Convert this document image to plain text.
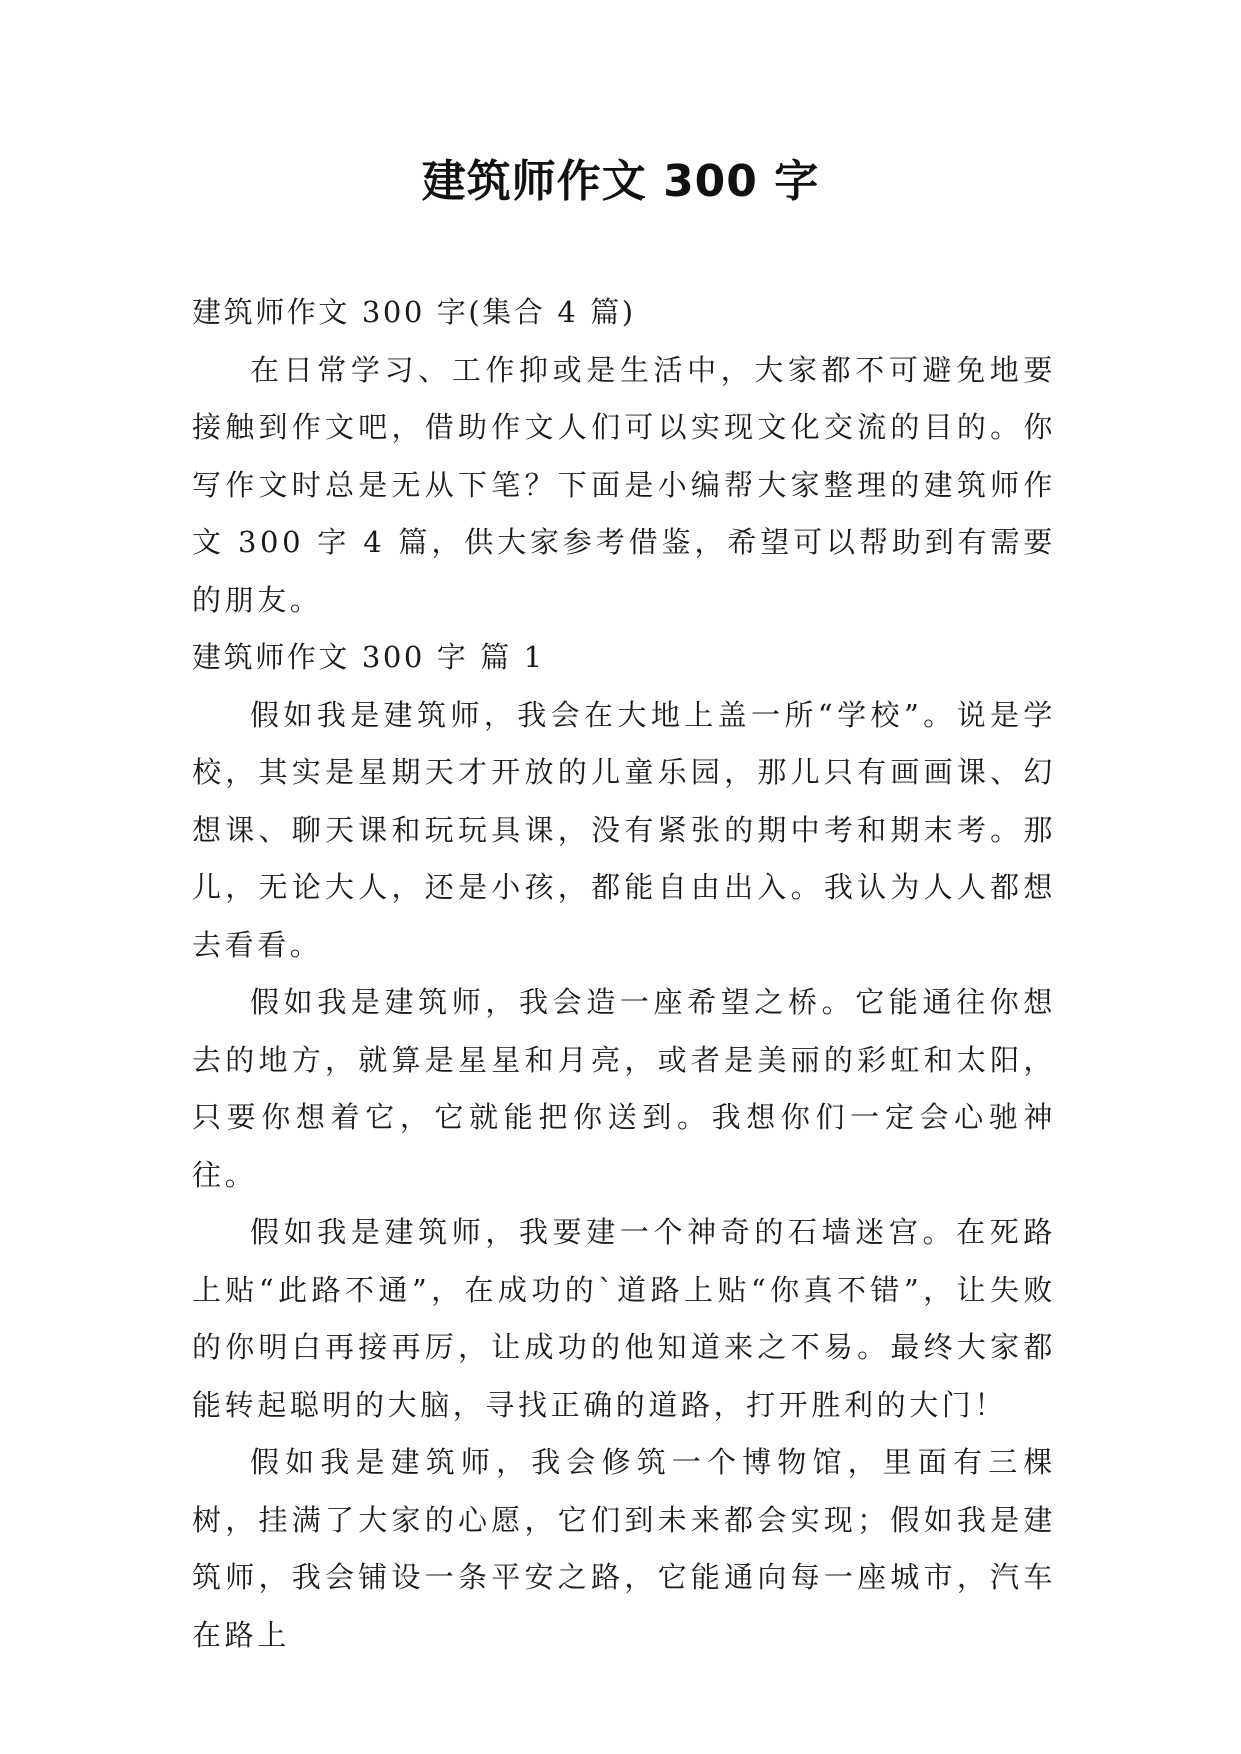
建筑师作文 300 字

建筑师作文 300 字(集合 4 篇)

在日常学习、工作抑或是生活中，大家都不可避免地要接触到作文吧，借助作文人们可以实现文化交流的目的。你写作文时总是无从下笔？下面是小编帮大家整理的建筑师作文 300 字 4 篇，供大家参考借鉴，希望可以帮助到有需要的朋友。

建筑师作文 300 字 篇 1

假如我是建筑师，我会在大地上盖一所“学校”。说是学校，其实是星期天才开放的儿童乐园，那儿只有画画课、幻想课、聊天课和玩玩具课，没有紧张的期中考和期末考。那儿，无论大人，还是小孩，都能自由出入。我认为人人都想去看看。

假如我是建筑师，我会造一座希望之桥。它能通往你想去的地方，就算是星星和月亮，或者是美丽的彩虹和太阳，只要你想着它，它就能把你送到。我想你们一定会心驰神往。

假如我是建筑师，我要建一个神奇的石墙迷宫。在死路上贴“此路不通”，在成功的`道路上贴“你真不错”，让失败的你明白再接再厉，让成功的他知道来之不易。最终大家都能转起聪明的大脑，寻找正确的道路，打开胜利的大门！

假如我是建筑师，我会修筑一个博物馆，里面有三棵树，挂满了大家的心愿，它们到未来都会实现；假如我是建筑师，我会铺设一条平安之路，它能通向每一座城市，汽车在路上
